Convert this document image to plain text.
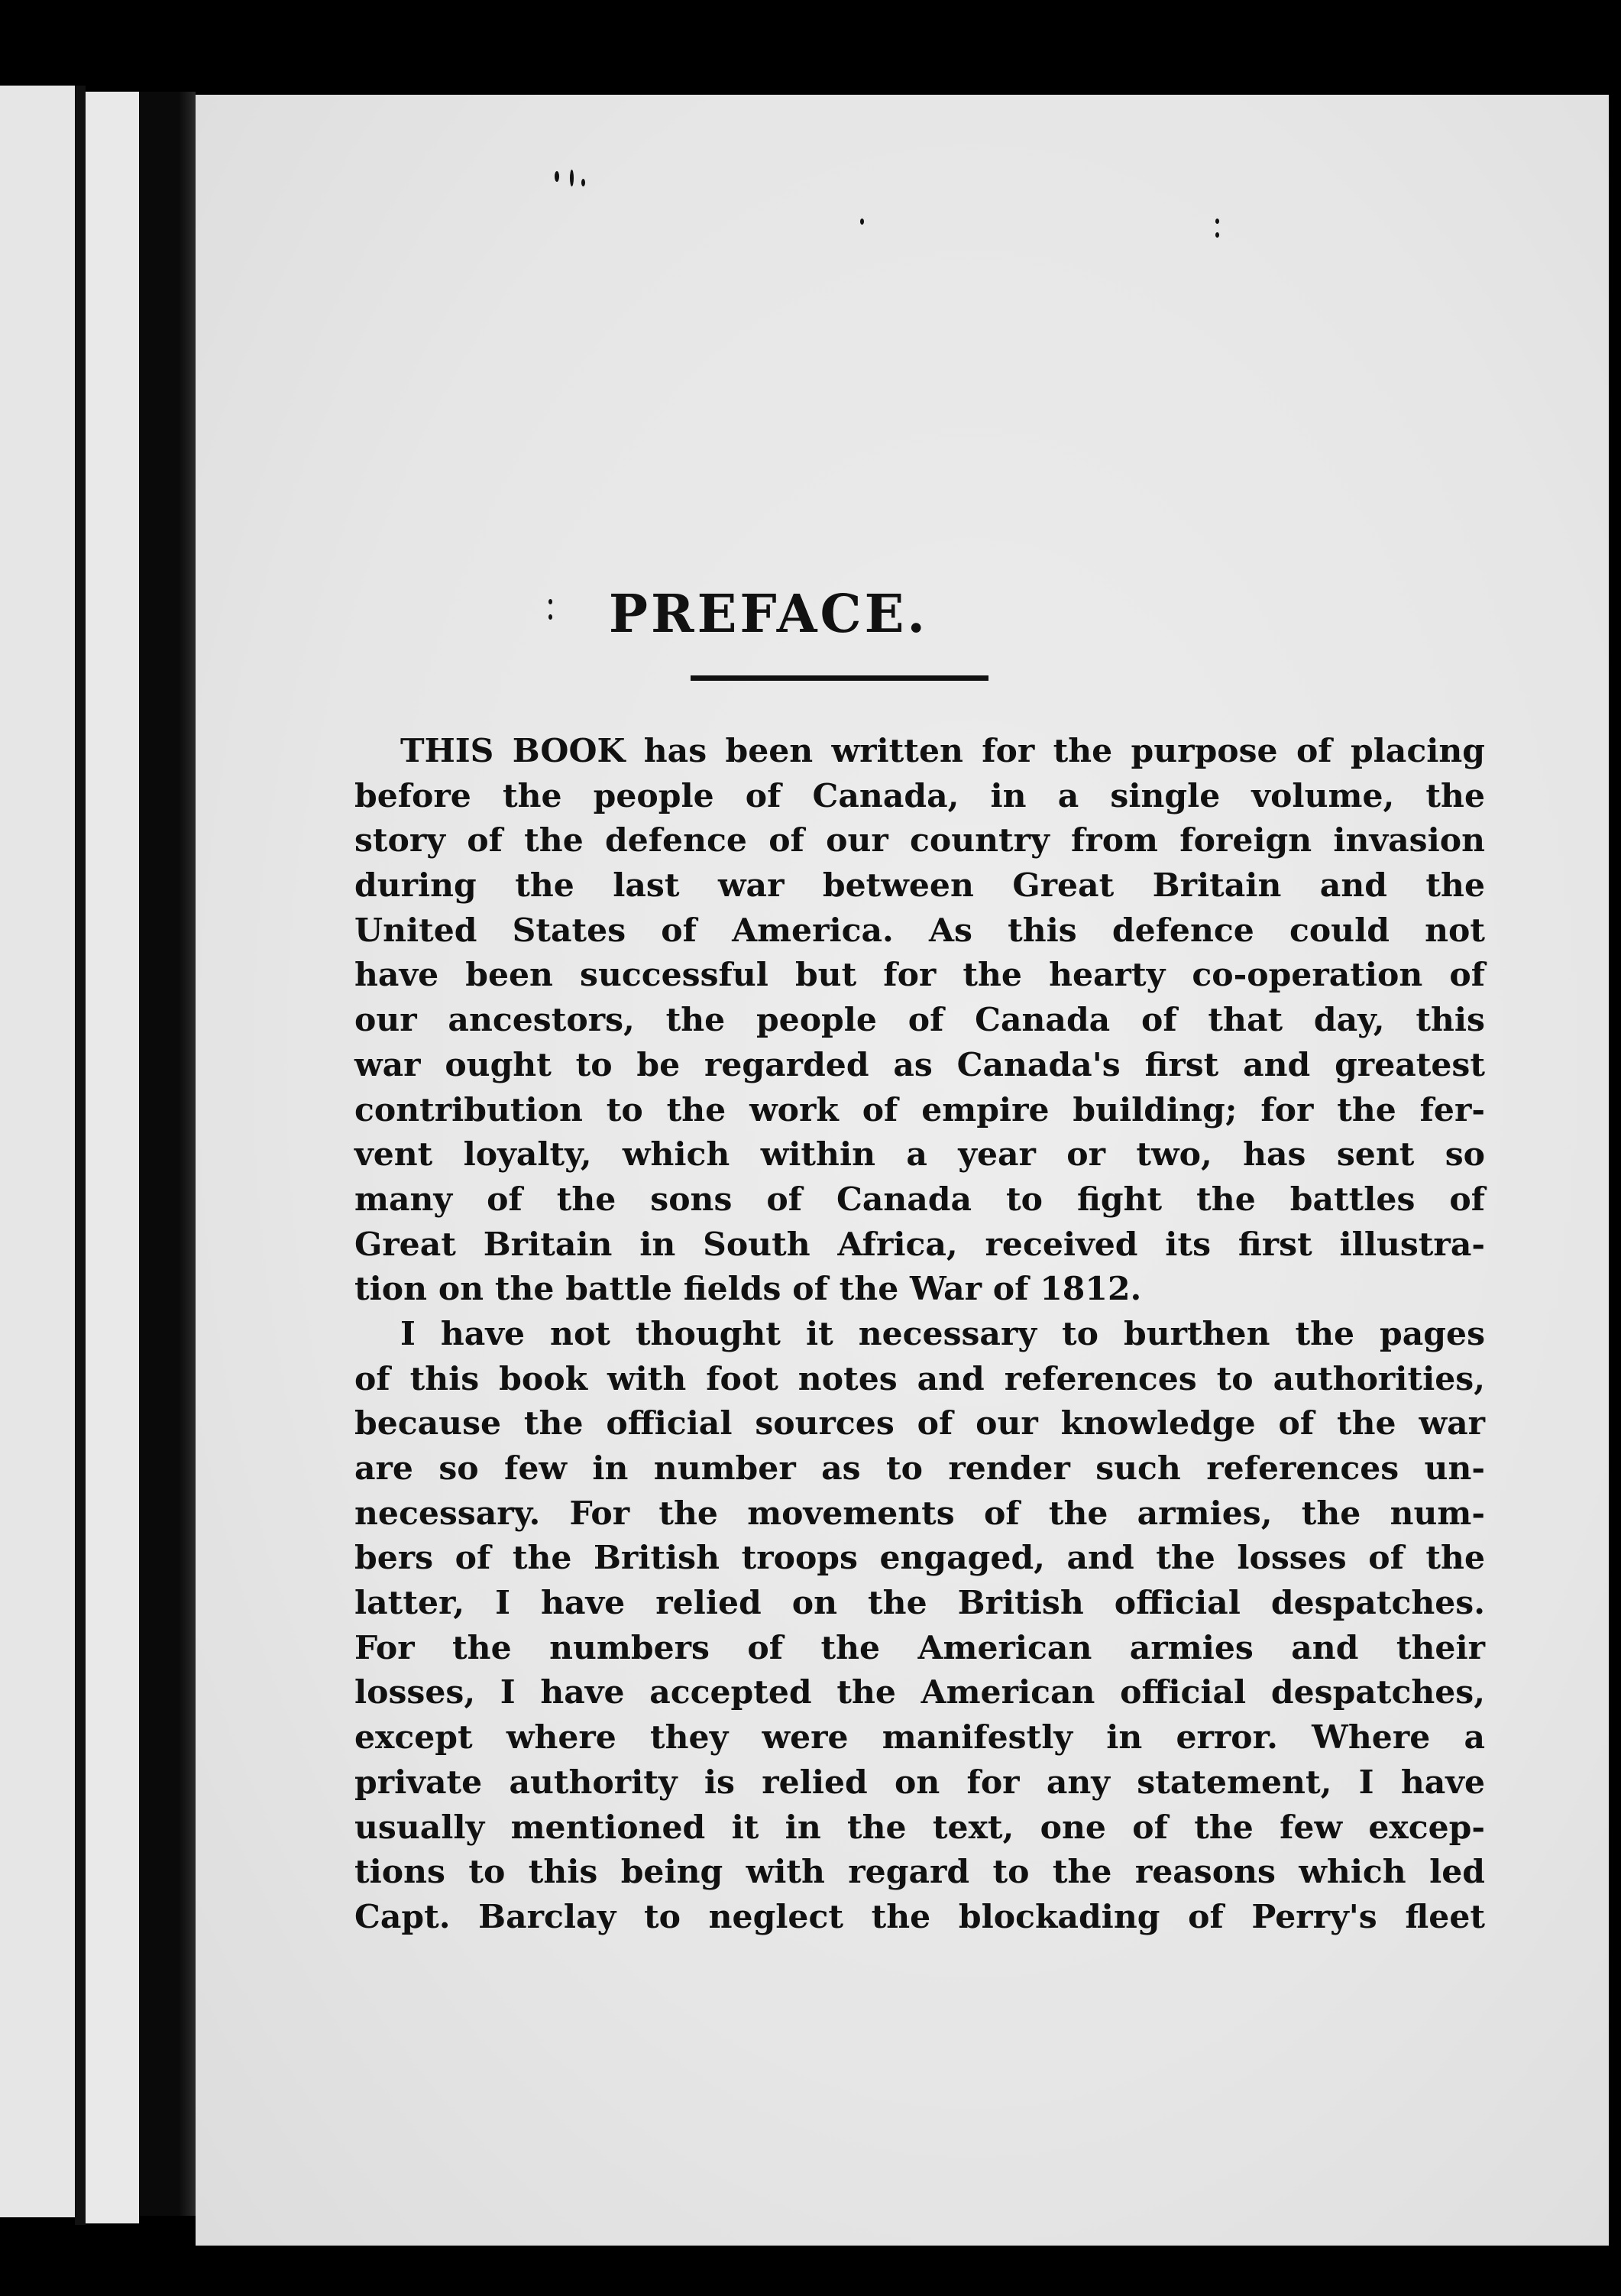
PREFACE.
THIS BOOK has been written for the purpose of placing
before the people of Canada, in a single volume, the
story of the defence of our country from foreign invasion
during the last war between Great Britain and the
United States of America. As this defence could not
have been successful but for the hearty co-operation of
our ancestors, the people of Canada of that day, this
war ought to be regarded as Canada's first and greatest
contribution to the work of empire building; for the fer-
vent loyalty, which within a year or two, has sent so
many of the sons of Canada to fight the battles of
Great Britain in South Africa, received its first illustra-
tion on the battle fields of the War of 1812.
I have not thought it necessary to burthen the pages
of this book with foot notes and references to authorities,
because the official sources of our knowledge of the war
are so few in number as to render such references un-
necessary. For the movements of the armies, the num-
bers of the British troops engaged, and the losses of the
latter, I have relied on the British official despatches.
For the numbers of the American armies and their
losses, I have accepted the American official despatches,
except where they were manifestly in error. Where a
private authority is relied on for any statement, I have
usually mentioned it in the text, one of the few excep-
tions to this being with regard to the reasons which led
Capt. Barclay to neglect the blockading of Perry's fleet
